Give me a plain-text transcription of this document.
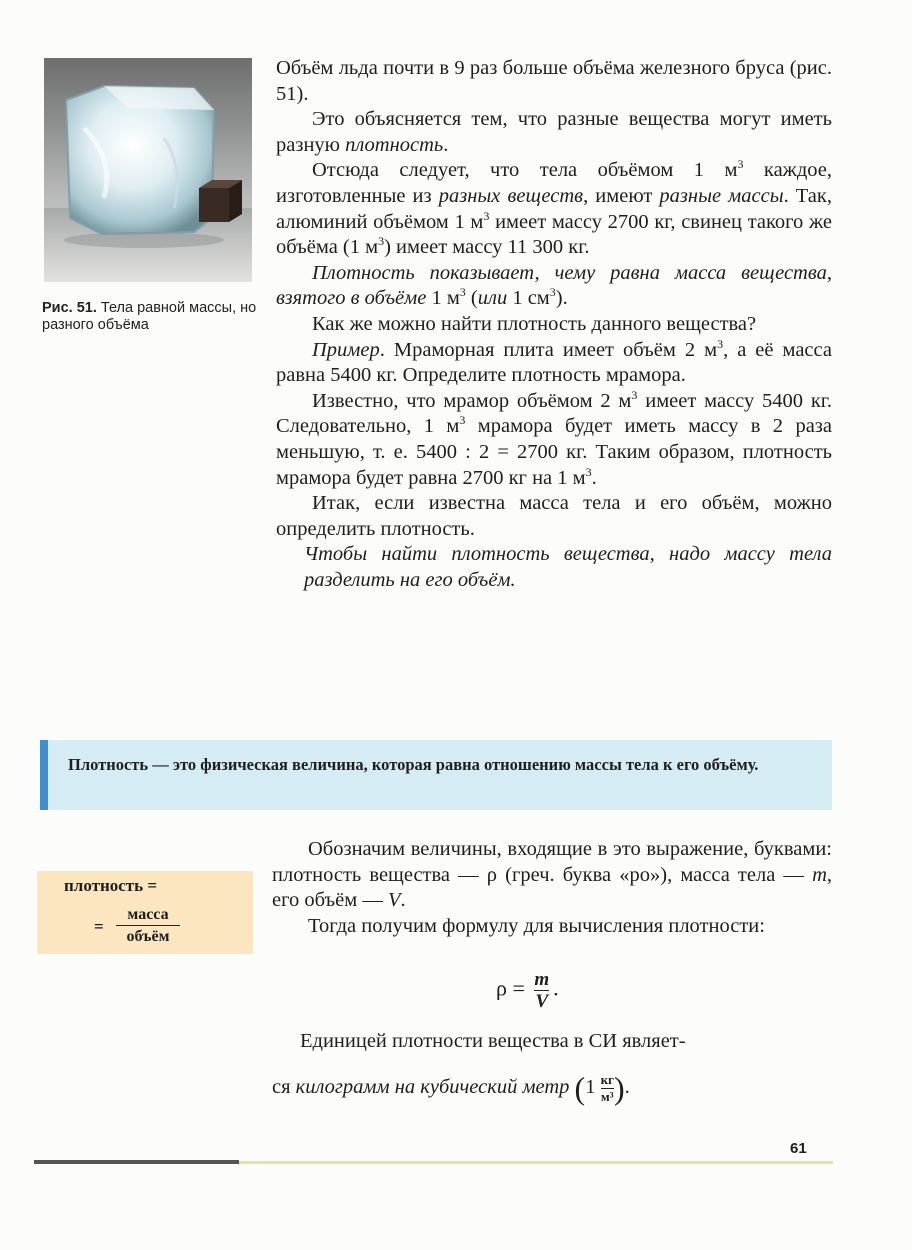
Рис. 51. Тела равной массы, но разного объёма

Объём льда почти в 9 раз больше объёма железного бруса (рис. 51).

Это объясняется тем, что разные вещества могут иметь разную плотность.

Отсюда следует, что тела объёмом 1 $м^3$ каждое, изготовленные из разных веществ, имеют разные массы. Так, алюминий объёмом 1 $м^3$ имеет массу 2700 кг, свинец такого же объёма (1 $м^3$) имеет массу 11 300 кг.

Плотность показывает, чему равна масса вещества, взятого в объёме 1 $м^3$ (или 1 $см^3$).

Как же можно найти плотность данного вещества?

Пример. Мраморная плита имеет объём 2 $м^3$, а её масса равна 5400 кг. Определите плотность мрамора.

Известно, что мрамор объёмом 2 $м^3$ имеет массу 5400 кг. Следовательно, 1 $м^3$ мрамора будет иметь массу в 2 раза меньшую, т. е. 5400 : 2 = 2700 кг. Таким образом, плотность мрамора будет равна 2700 кг на 1 $м^3$.

Итак, если известна масса тела и его объём, можно определить плотность.

Чтобы найти плотность вещества, надо массу тела разделить на его объём.

Плотность — это физическая величина, которая равна отношению массы тела к его объёму.
плотность =
=
масса
объём

Обозначим величины, входящие в это выражение, буквами: плотность вещества — ρ (греч. буква «ро»), масса тела — m, его объём — V.

Тогда получим формулу для вычисления плотности:

$\rho = \frac{m}{V}$ .
Единицей плотности вещества в СИ являет-
ся килограмм на кубический метр ($1 \frac{кг}{\text{м³}}$ ).
61
